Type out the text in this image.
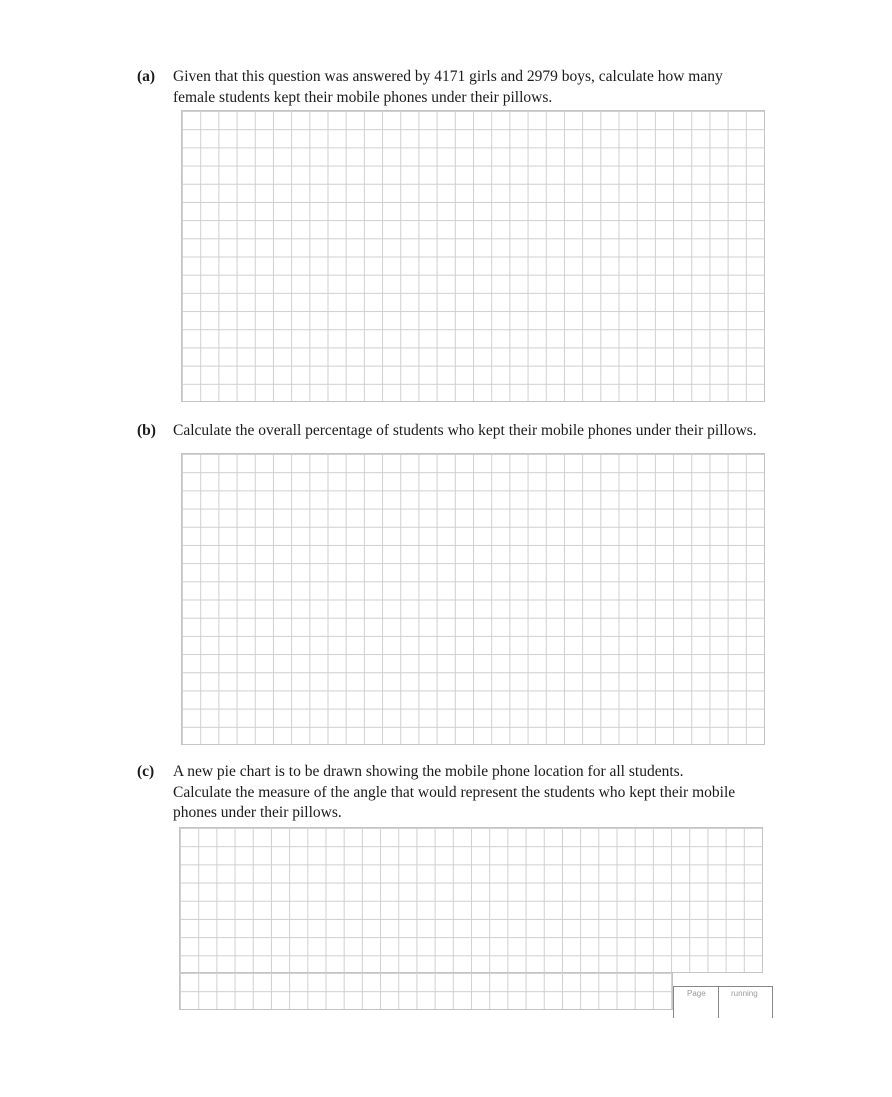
(a) Given that this question was answered by 4171 girls and 2979 boys, calculate how many
female students kept their mobile phones under their pillows.
(b) Calculate the overall percentage of students who kept their mobile phones under their pillows.
(c) A new pie chart is to be drawn showing the mobile phone location for all students.
Calculate the measure of the angle that would represent the students who kept their mobile
phones under their pillows.
Page	running
